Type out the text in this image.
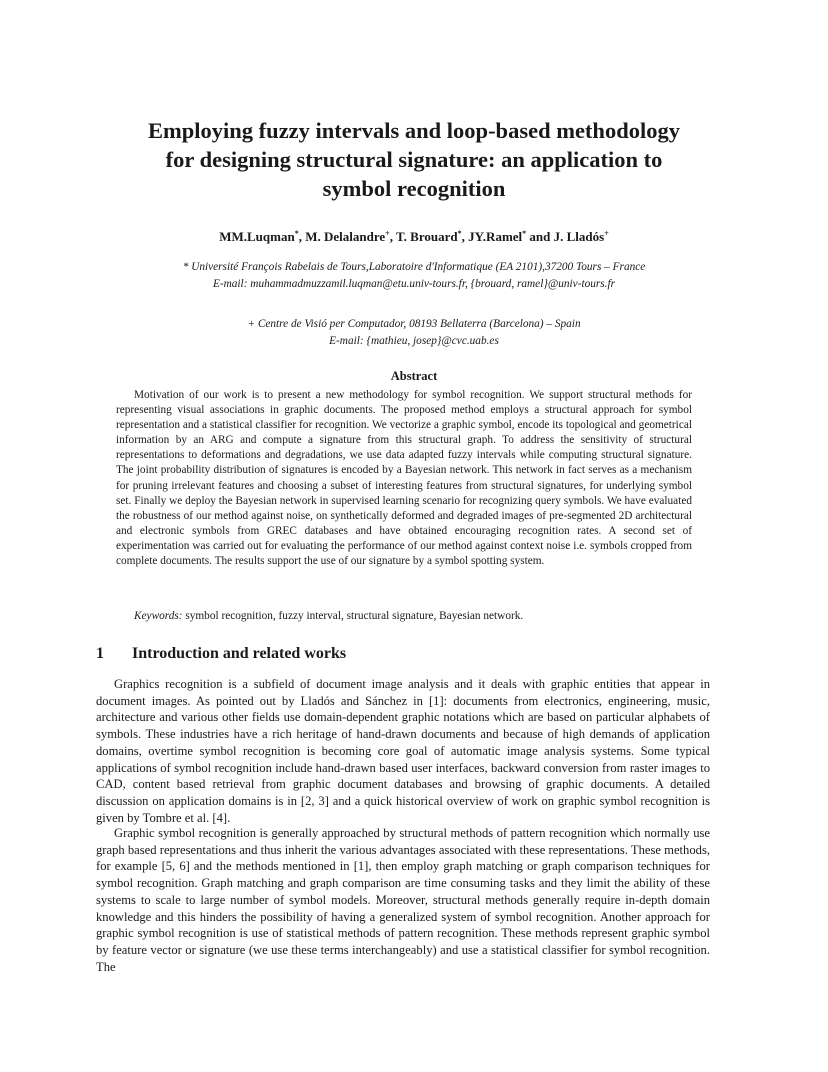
Employing fuzzy intervals and loop-based methodology
for designing structural signature: an application to
symbol recognition

MM.Luqman*, M. Delalandre+, T. Brouard*, JY.Ramel* and J. Lladós+

* Université François Rabelais de Tours,Laboratoire d'Informatique (EA 2101),37200 Tours – France
E-mail: muhammadmuzzamil.luqman@etu.univ-tours.fr, {brouard, ramel}@univ-tours.fr

+ Centre de Visió per Computador, 08193 Bellaterra (Barcelona) – Spain
E-mail: {mathieu, josep}@cvc.uab.es

Abstract

Motivation of our work is to present a new methodology for symbol recognition. We support structural methods for representing visual associations in graphic documents. The proposed method employs a structural approach for symbol representation and a statistical classifier for recognition. We vectorize a graphic symbol, encode its topological and geometrical information by an ARG and compute a signature from this structural graph. To address the sensitivity of structural representations to deformations and degradations, we use data adapted fuzzy intervals while computing structural signature. The joint probability distribution of signatures is encoded by a Bayesian network. This network in fact serves as a mechanism for pruning irrelevant features and choosing a subset of interesting features from structural signatures, for underlying symbol set. Finally we deploy the Bayesian network in supervised learning scenario for recognizing query symbols. We have evaluated the robustness of our method against noise, on synthetically deformed and degraded images of pre-segmented 2D architectural and electronic symbols from GREC databases and have obtained encouraging recognition rates. A second set of experimentation was carried out for evaluating the performance of our method against context noise i.e. symbols cropped from complete documents. The results support the use of our signature by a symbol spotting system.

Keywords: symbol recognition, fuzzy interval, structural signature, Bayesian network.

1 Introduction and related works

Graphics recognition is a subfield of document image analysis and it deals with graphic entities that appear in document images. As pointed out by Lladós and Sánchez in [1]: documents from electronics, engineering, music, architecture and various other fields use domain-dependent graphic notations which are based on particular alphabets of symbols. These industries have a rich heritage of hand-drawn documents and because of high demands of application domains, overtime symbol recognition is becoming core goal of automatic image analysis systems. Some typical applications of symbol recognition include hand-drawn based user interfaces, backward conversion from raster images to CAD, content based retrieval from graphic document databases and browsing of graphic documents. A detailed discussion on application domains is in [2, 3] and a quick historical overview of work on graphic symbol recognition is given by Tombre et al. [4].

Graphic symbol recognition is generally approached by structural methods of pattern recognition which normally use graph based representations and thus inherit the various advantages associated with these representations. These methods, for example [5, 6] and the methods mentioned in [1], then employ graph matching or graph comparison techniques for symbol recognition. Graph matching and graph comparison are time consuming tasks and they limit the ability of these systems to scale to large number of symbol models. Moreover, structural methods generally require in-depth domain knowledge and this hinders the possibility of having a generalized system of symbol recognition. Another approach for graphic symbol recognition is use of statistical methods of pattern recognition. These methods represent graphic symbol by feature vector or signature (we use these terms interchangeably) and use a statistical classifier for symbol recognition. The
